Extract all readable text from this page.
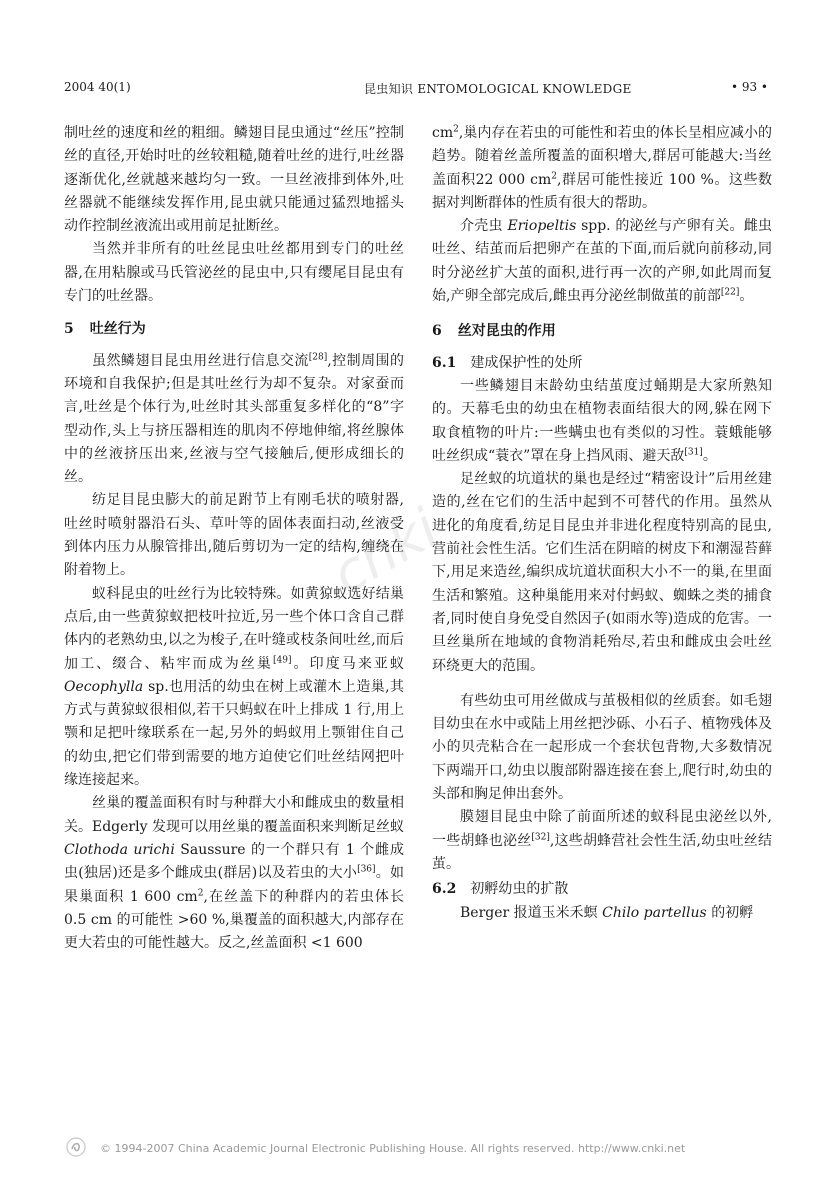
2004 40(1)	昆虫知识 ENTOMOLOGICAL KNOWLEDGE	• 93 •
cnki

制吐丝的速度和丝的粗细。鳞翅目昆虫通过“丝压”控制丝的直径,开始时吐的丝较粗糙,随着吐丝的进行,吐丝器逐渐优化,丝就越来越均匀一致。一旦丝液排到体外,吐丝器就不能继续发挥作用,昆虫就只能通过猛烈地摇头动作控制丝液流出或用前足扯断丝。

当然并非所有的吐丝昆虫吐丝都用到专门的吐丝器,在用粘腺或马氏管泌丝的昆虫中,只有缨尾目昆虫有专门的吐丝器。

5 吐丝行为

虽然鳞翅目昆虫用丝进行信息交流[28],控制周围的环境和自我保护;但是其吐丝行为却不复杂。对家蚕而言,吐丝是个体行为,吐丝时其头部重复多样化的“8”字型动作,头上与挤压器相连的肌肉不停地伸缩,将丝腺体中的丝液挤压出来,丝液与空气接触后,便形成细长的丝。

纺足目昆虫膨大的前足跗节上有刚毛状的喷射器,吐丝时喷射器沿石头、草叶等的固体表面扫动,丝液受到体内压力从腺管排出,随后剪切为一定的结构,缠绕在附着物上。

蚁科昆虫的吐丝行为比较特殊。如黄猄蚁选好结巢点后,由一些黄猄蚁把枝叶拉近,另一些个体口含自己群体内的老熟幼虫,以之为梭子,在叶缝或枝条间吐丝,而后加工、缀合、粘牢而成为丝巢[49]。印度马来亚蚁 Oecophylla sp.也用活的幼虫在树上或灌木上造巢,其方式与黄猄蚁很相似,若干只蚂蚁在叶上排成 1 行,用上颚和足把叶缘联系在一起,另外的蚂蚁用上颚钳住自己的幼虫,把它们带到需要的地方迫使它们吐丝结网把叶缘连接起来。

丝巢的覆盖面积有时与种群大小和雌成虫的数量相关。Edgerly 发现可以用丝巢的覆盖面积来判断足丝蚁 Clothoda urichi Saussure 的一个群只有 1 个雌成虫(独居)还是多个雌成虫(群居)以及若虫的大小[36]。如果巢面积 1 600 $cm^2$,在丝盖下的种群内的若虫体长 0.5 cm 的可能性 >60 %,巢覆盖的面积越大,内部存在更大若虫的可能性越大。反之,丝盖面积 <1 600

$cm^2$,巢内存在若虫的可能性和若虫的体长呈相应减小的趋势。随着丝盖所覆盖的面积增大,群居可能越大:当丝盖面积22 000 $cm^2$,群居可能性接近 100 %。这些数据对判断群体的性质有很大的帮助。

介壳虫 Eriopeltis spp. 的泌丝与产卵有关。雌虫吐丝、结茧而后把卵产在茧的下面,而后就向前移动,同时分泌丝扩大茧的面积,进行再一次的产卵,如此周而复始,产卵全部完成后,雌虫再分泌丝制做茧的前部[22]。

6 丝对昆虫的作用
6.1 建成保护性的处所

一些鳞翅目末龄幼虫结茧度过蛹期是大家所熟知的。天幕毛虫的幼虫在植物表面结很大的网,躲在网下取食植物的叶片:一些螨虫也有类似的习性。蓑蛾能够吐丝织成“蓑衣”罩在身上挡风雨、避天敌[31]。

足丝蚁的坑道状的巢也是经过“精密设计”后用丝建造的,丝在它们的生活中起到不可替代的作用。虽然从进化的角度看,纺足目昆虫并非进化程度特别高的昆虫,营前社会性生活。它们生活在阴暗的树皮下和潮湿苔藓下,用足来造丝,编织成坑道状面积大小不一的巢,在里面生活和繁殖。这种巢能用来对付蚂蚁、蜘蛛之类的捕食者,同时使自身免受自然因子(如雨水等)造成的危害。一旦丝巢所在地域的食物消耗殆尽,若虫和雌成虫会吐丝环绕更大的范围。

有些幼虫可用丝做成与茧极相似的丝质套。如毛翅目幼虫在水中或陆上用丝把沙砾、小石子、植物残体及小的贝壳粘合在一起形成一个套状包背物,大多数情况下两端开口,幼虫以腹部附器连接在套上,爬行时,幼虫的头部和胸足伸出套外。

膜翅目昆虫中除了前面所述的蚁科昆虫泌丝以外,一些胡蜂也泌丝[32],这些胡蜂营社会性生活,幼虫吐丝结茧。

6.2 初孵幼虫的扩散

Berger 报道玉米禾螟 Chilo partellus 的初孵

© 1994-2007 China Academic Journal Electronic Publishing House. All rights reserved. http://www.cnki.net
